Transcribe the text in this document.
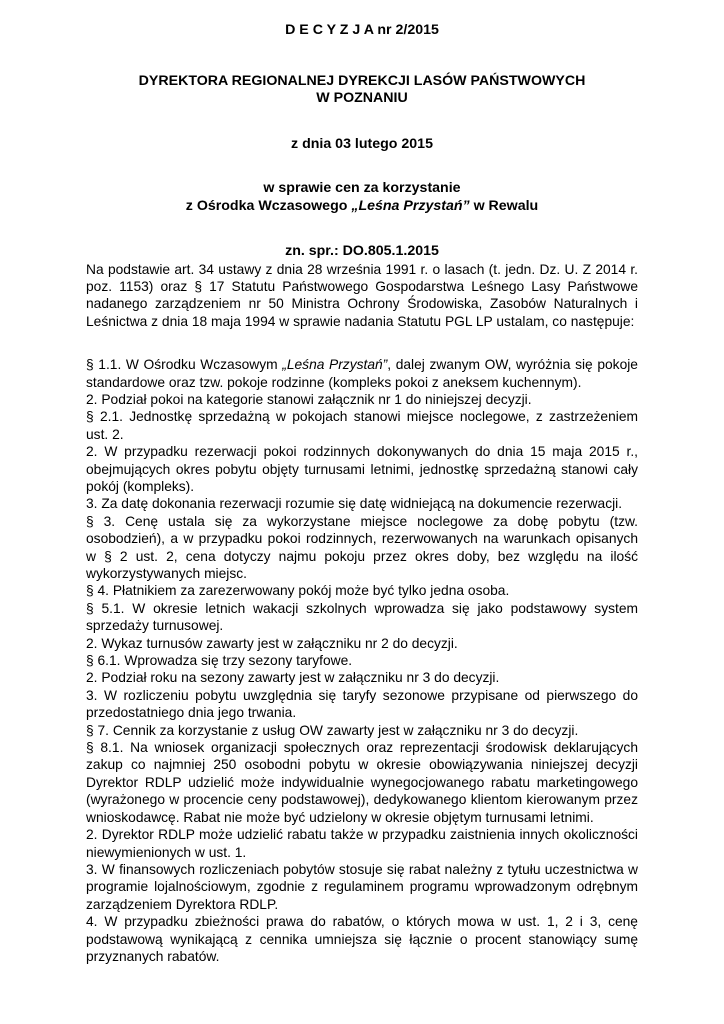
D E C Y Z J A nr 2/2015

DYREKTORA REGIONALNEJ DYREKCJI LASÓW PAŃSTWOWYCH

W POZNANIU

z dnia 03 lutego 2015

w sprawie cen za korzystanie

z Ośrodka Wczasowego „Leśna Przystań” w Rewalu

zn. spr.: DO.805.1.2015

Na podstawie art. 34 ustawy z dnia 28 września 1991 r. o lasach (t. jedn. Dz. U. Z 2014 r. poz. 1153) oraz § 17 Statutu Państwowego Gospodarstwa Leśnego Lasy Państwowe nadanego zarządzeniem nr 50 Ministra Ochrony Środowiska, Zasobów Naturalnych i Leśnictwa z dnia 18 maja 1994 w sprawie nadania Statutu PGL LP ustalam, co następuje:

§ 1.1. W Ośrodku Wczasowym „Leśna Przystań”, dalej zwanym OW, wyróżnia się pokoje standardowe oraz tzw. pokoje rodzinne (kompleks pokoi z aneksem kuchennym).

2. Podział pokoi na kategorie stanowi załącznik nr 1 do niniejszej decyzji.

§ 2.1. Jednostkę sprzedażną w pokojach stanowi miejsce noclegowe, z zastrzeżeniem ust. 2.

2. W przypadku rezerwacji pokoi rodzinnych dokonywanych do dnia 15 maja 2015 r., obejmujących okres pobytu objęty turnusami letnimi, jednostkę sprzedażną stanowi cały pokój (kompleks).

3. Za datę dokonania rezerwacji rozumie się datę widniejącą na dokumencie rezerwacji.

§ 3. Cenę ustala się za wykorzystane miejsce noclegowe za dobę pobytu (tzw. osobodzień), a w przypadku pokoi rodzinnych, rezerwowanych na warunkach opisanych w § 2 ust. 2, cena dotyczy najmu pokoju przez okres doby, bez względu na ilość wykorzystywanych miejsc.

§ 4. Płatnikiem za zarezerwowany pokój może być tylko jedna osoba.

§ 5.1. W okresie letnich wakacji szkolnych wprowadza się jako podstawowy system sprzedaży turnusowej.

2. Wykaz turnusów zawarty jest w załączniku nr 2 do decyzji.

§ 6.1. Wprowadza się trzy sezony taryfowe.

2. Podział roku na sezony zawarty jest w załączniku nr 3 do decyzji.

3. W rozliczeniu pobytu uwzględnia się taryfy sezonowe przypisane od pierwszego do przedostatniego dnia jego trwania.

§ 7. Cennik za korzystanie z usług OW zawarty jest w załączniku nr 3 do decyzji.

§ 8.1. Na wniosek organizacji społecznych oraz reprezentacji środowisk deklarujących zakup co najmniej 250 osobodni pobytu w okresie obowiązywania niniejszej decyzji Dyrektor RDLP udzielić może indywidualnie wynegocjowanego rabatu marketingowego (wyrażonego w procencie ceny podstawowej), dedykowanego klientom kierowanym przez wnioskodawcę. Rabat nie może być udzielony w okresie objętym turnusami letnimi.

2. Dyrektor RDLP może udzielić rabatu także w przypadku zaistnienia innych okoliczności niewymienionych w ust. 1.

3. W finansowych rozliczeniach pobytów stosuje się rabat należny z tytułu uczestnictwa w programie lojalnościowym, zgodnie z regulaminem programu wprowadzonym odrębnym zarządzeniem Dyrektora RDLP.

4. W przypadku zbieżności prawa do rabatów, o których mowa w ust. 1, 2 i 3, cenę podstawową wynikającą z cennika umniejsza się łącznie o procent stanowiący sumę przyznanych rabatów.
